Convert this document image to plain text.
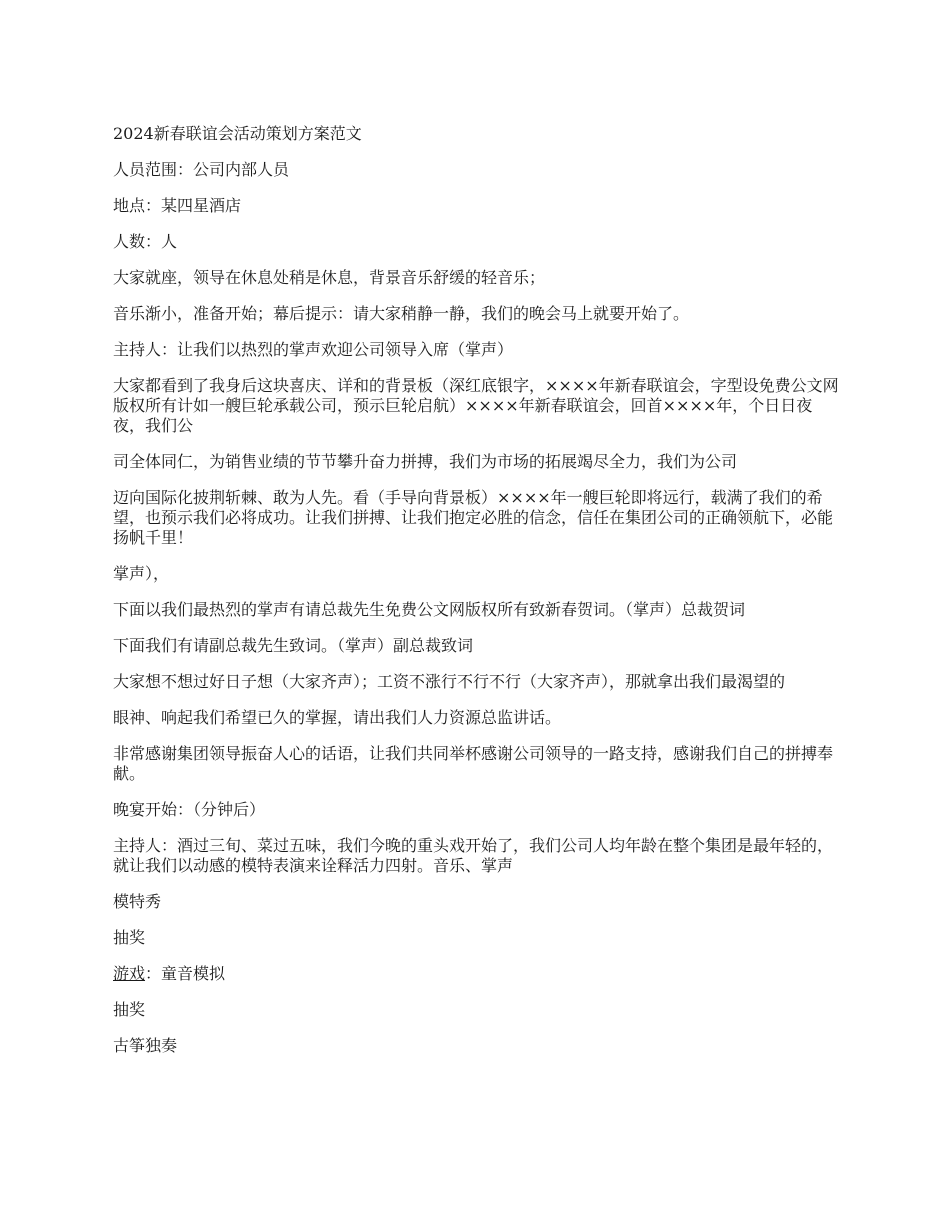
2024新春联谊会活动策划方案范文

人员范围：公司内部人员

地点：某四星酒店

人数：人

大家就座，领导在休息处稍是休息，背景音乐舒缓的轻音乐；

音乐渐小，准备开始；幕后提示：请大家稍静一静，我们的晚会马上就要开始了。

主持人：让我们以热烈的掌声欢迎公司领导入席（掌声）

大家都看到了我身后这块喜庆、详和的背景板（深红底银字，××××年新春联谊会，字型设免费公文网版权所有计如一艘巨轮承载公司，预示巨轮启航）××××年新春联谊会，回首××××年，个日日夜夜，我们公

司全体同仁，为销售业绩的节节攀升奋力拼搏，我们为市场的拓展竭尽全力，我们为公司

迈向国际化披荆斩棘、敢为人先。看（手导向背景板）××××年一艘巨轮即将远行，载满了我们的希望，也预示我们必将成功。让我们拼搏、让我们抱定必胜的信念，信任在集团公司的正确领航下，必能扬帆千里！

掌声），

下面以我们最热烈的掌声有请总裁先生免费公文网版权所有致新春贺词。（掌声）总裁贺词

下面我们有请副总裁先生致词。（掌声）副总裁致词

大家想不想过好日子想（大家齐声）；工资不涨行不行不行（大家齐声），那就拿出我们最渴望的

眼神、响起我们希望已久的掌握，请出我们人力资源总监讲话。

非常感谢集团领导振奋人心的话语，让我们共同举杯感谢公司领导的一路支持，感谢我们自己的拼搏奉献。

晚宴开始：（分钟后）

主持人：酒过三旬、菜过五味，我们今晚的重头戏开始了，我们公司人均年龄在整个集团是最年轻的，就让我们以动感的模特表演来诠释活力四射。音乐、掌声

模特秀

抽奖

游戏：童音模拟

抽奖

古筝独奏
